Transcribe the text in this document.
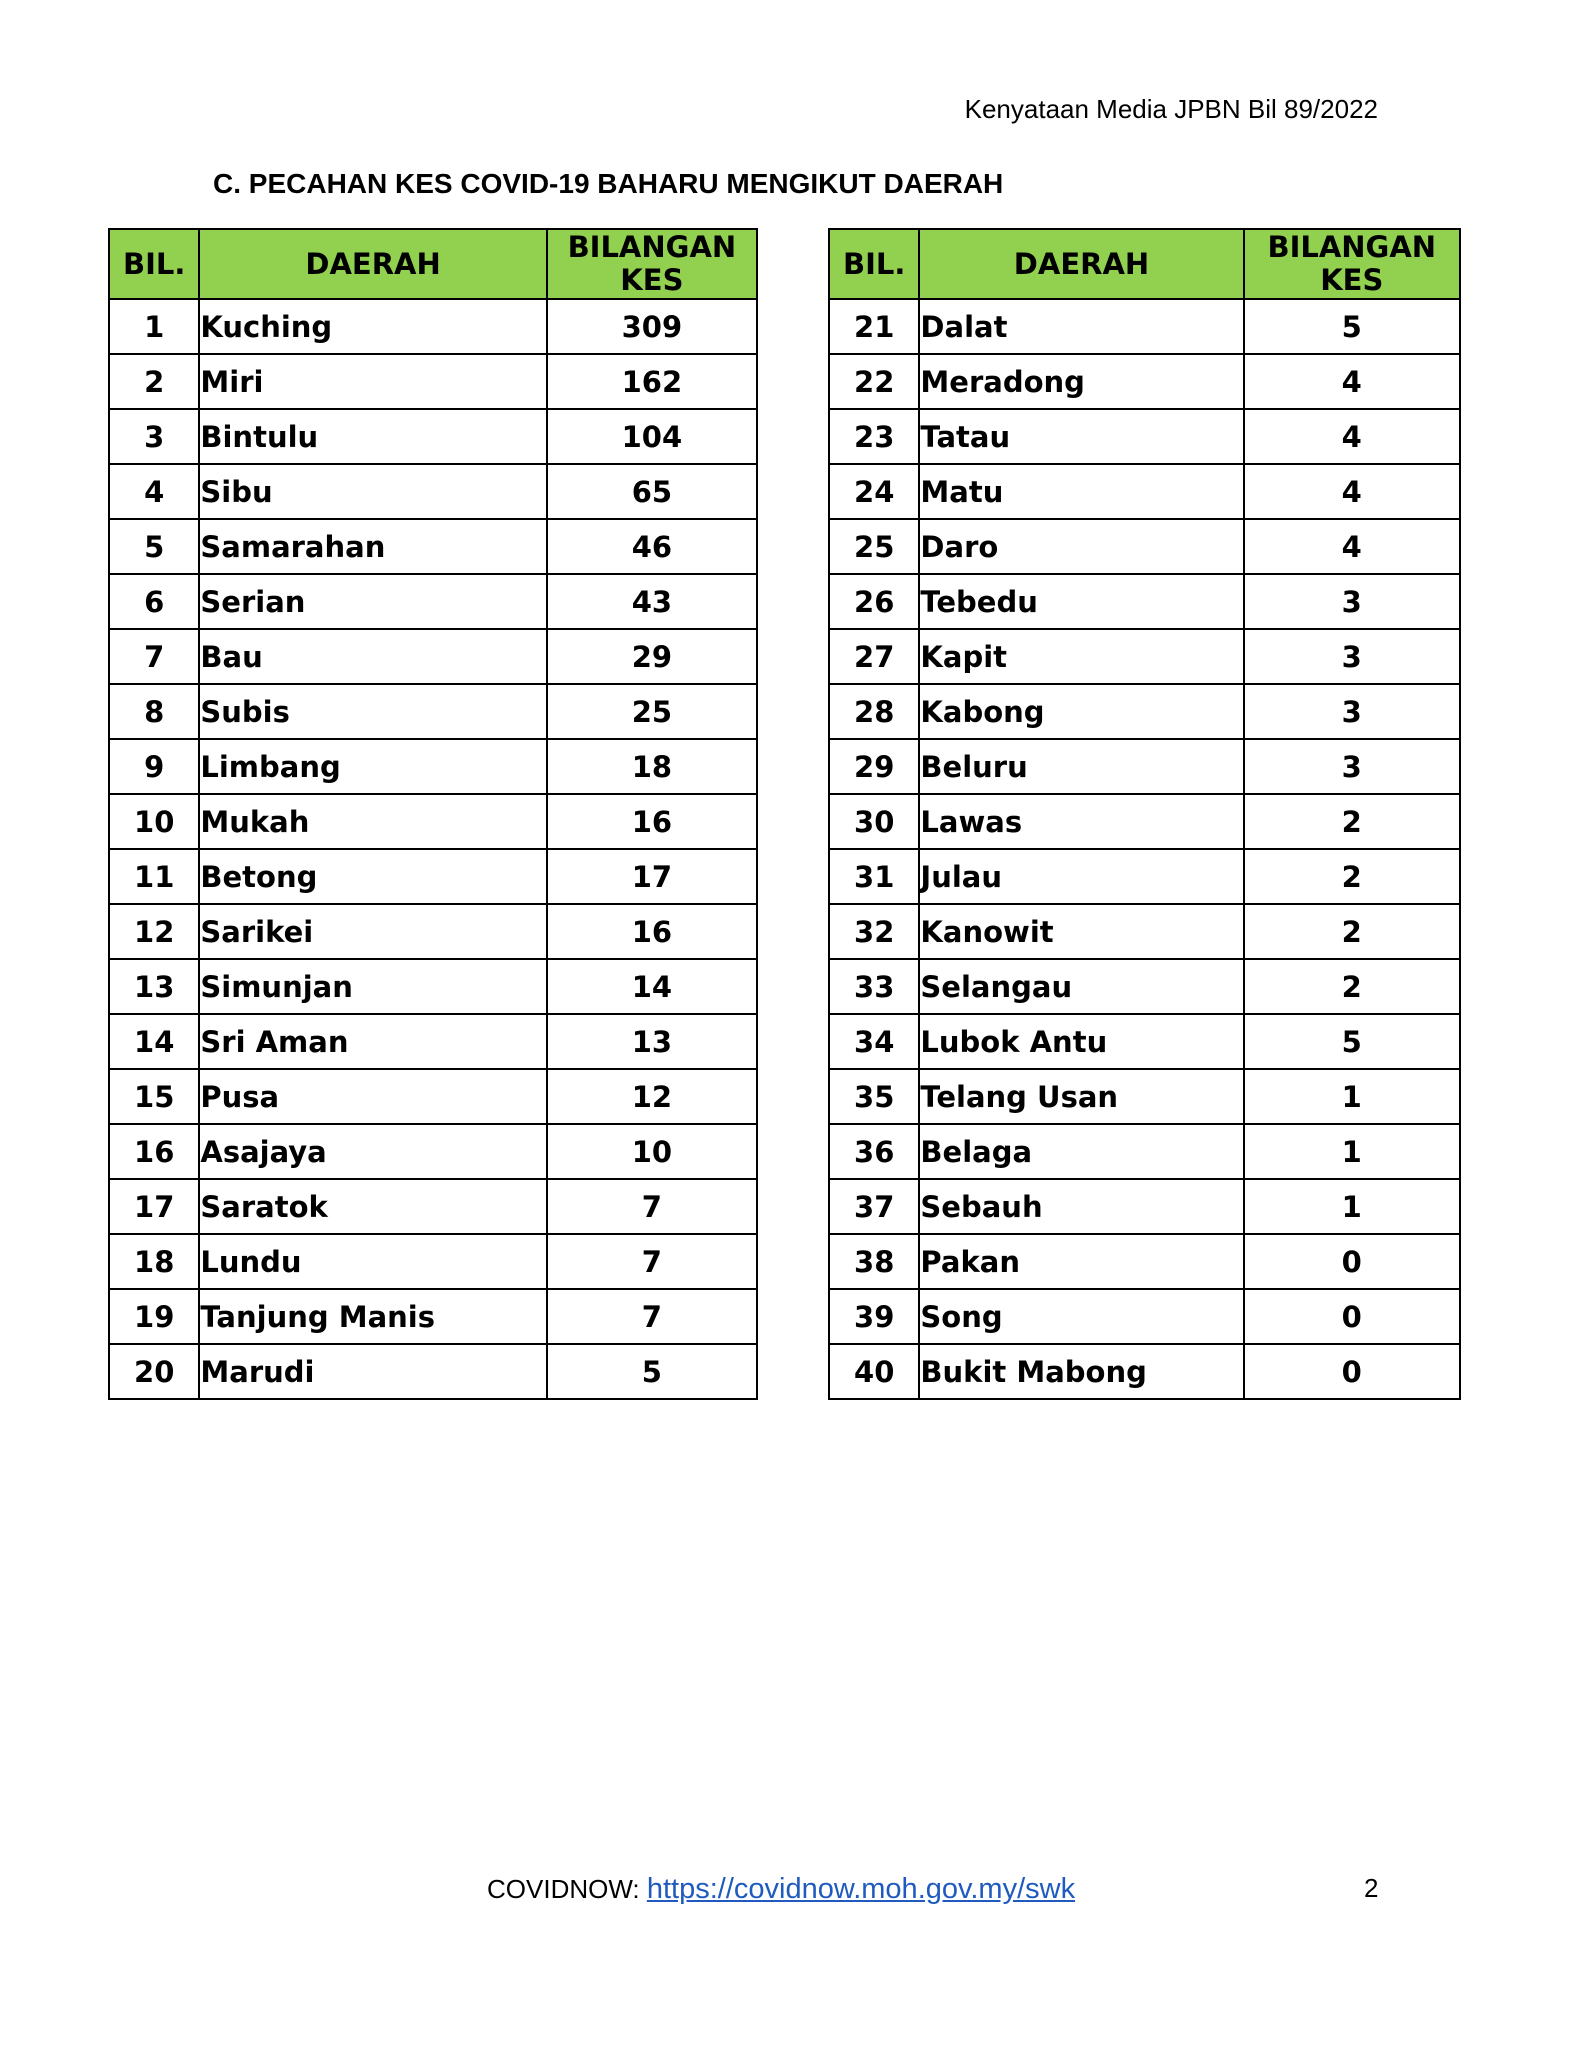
Kenyataan Media JPBN Bil 89/2022
C. PECAHAN KES COVID-19 BAHARU MENGIKUT DAERAH
BIL.	DAERAH	BILANGAN
KES
1	Kuching	309
2	Miri	162
3	Bintulu	104
4	Sibu	65
5	Samarahan	46
6	Serian	43
7	Bau	29
8	Subis	25
9	Limbang	18
10	Mukah	16
11	Betong	17
12	Sarikei	16
13	Simunjan	14
14	Sri Aman	13
15	Pusa	12
16	Asajaya	10
17	Saratok	7
18	Lundu	7
19	Tanjung Manis	7
20	Marudi	5
BIL.	DAERAH	BILANGAN
KES
21	Dalat	5
22	Meradong	4
23	Tatau	4
24	Matu	4
25	Daro	4
26	Tebedu	3
27	Kapit	3
28	Kabong	3
29	Beluru	3
30	Lawas	2
31	Julau	2
32	Kanowit	2
33	Selangau	2
34	Lubok Antu	5
35	Telang Usan	1
36	Belaga	1
37	Sebauh	1
38	Pakan	0
39	Song	0
40	Bukit Mabong	0
COVIDNOW: https://covidnow.moh.gov.my/swk	2
